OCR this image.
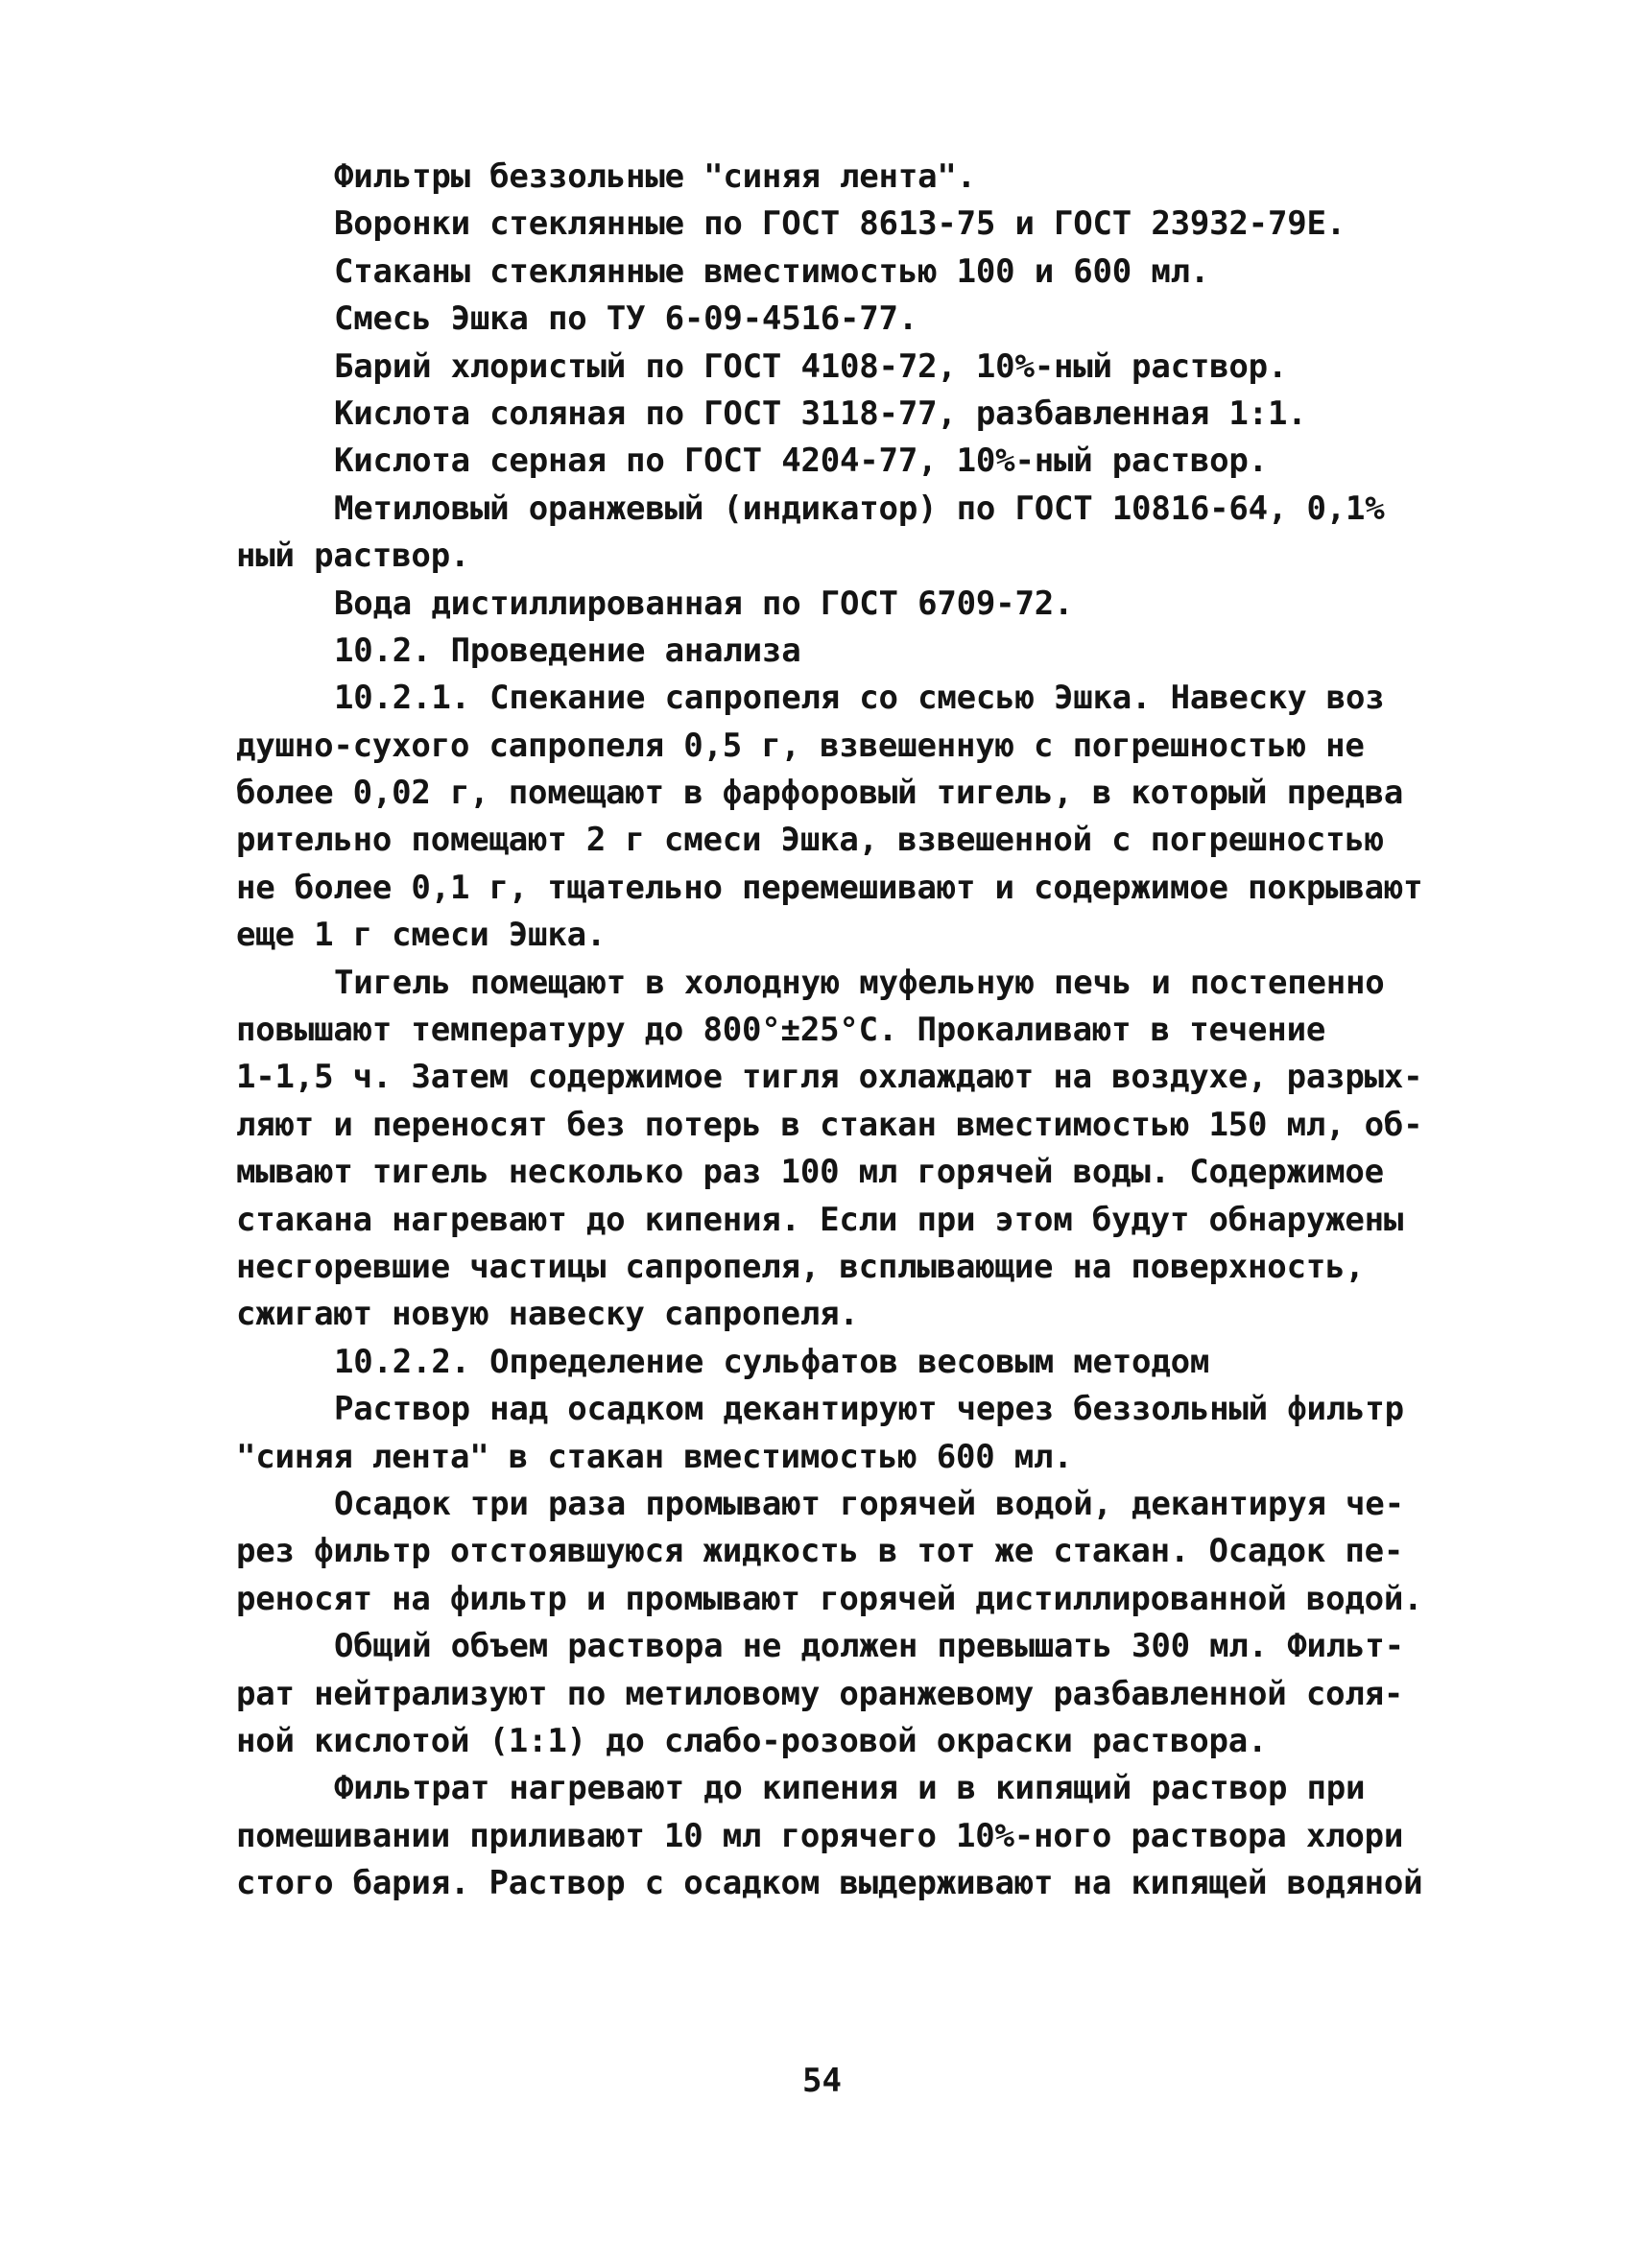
Фильтры беззольные "синяя лента".
Воронки стеклянные по ГОСТ 8613-75 и ГОСТ 23932-79Е.
Стаканы стеклянные вместимостью 100 и 600 мл.
Смесь Эшка по ТУ 6-09-4516-77.
Барий хлористый по ГОСТ 4108-72, 10%-ный раствор.
Кислота соляная по ГОСТ 3118-77, разбавленная 1:1.
Кислота серная по ГОСТ 4204-77, 10%-ный раствор.
Метиловый оранжевый (индикатор) по ГОСТ 10816-64, 0,1%
ный раствор.
Вода дистиллированная по ГОСТ 6709-72.
10.2. Проведение анализа
10.2.1. Спекание сапропеля со смесью Эшка. Навеску воз
душно-сухого сапропеля 0,5 г, взвешенную с погрешностью не
более 0,02 г, помещают в фарфоровый тигель, в который предва
рительно помещают 2 г смеси Эшка, взвешенной с погрешностью
не более 0,1 г, тщательно перемешивают и содержимое покрывают
еще 1 г смеси Эшка.
Тигель помещают в холодную муфельную печь и постепенно
повышают температуру до 800°±25°С. Прокаливают в течение
1-1,5 ч. Затем содержимое тигля охлаждают на воздухе, разрых-
ляют и переносят без потерь в стакан вместимостью 150 мл, об-
мывают тигель несколько раз 100 мл горячей воды. Содержимое
стакана нагревают до кипения. Если при этом будут обнаружены
несгоревшие частицы сапропеля, всплывающие на поверхность,
сжигают новую навеску сапропеля.
10.2.2. Определение сульфатов весовым методом
Раствор над осадком декантируют через беззольный фильтр
"синяя лента" в стакан вместимостью 600 мл.
Осадок три раза промывают горячей водой, декантируя че-
рез фильтр отстоявшуюся жидкость в тот же стакан. Осадок пе-
реносят на фильтр и промывают горячей дистиллированной водой.
Общий объем раствора не должен превышать 300 мл. Фильт-
рат нейтрализуют по метиловому оранжевому разбавленной соля-
ной кислотой (1:1) до слабо-розовой окраски раствора.
Фильтрат нагревают до кипения и в кипящий раствор при
помешивании приливают 10 мл горячего 10%-ного раствора хлори
стого бария. Раствор с осадком выдерживают на кипящей водяной
54
